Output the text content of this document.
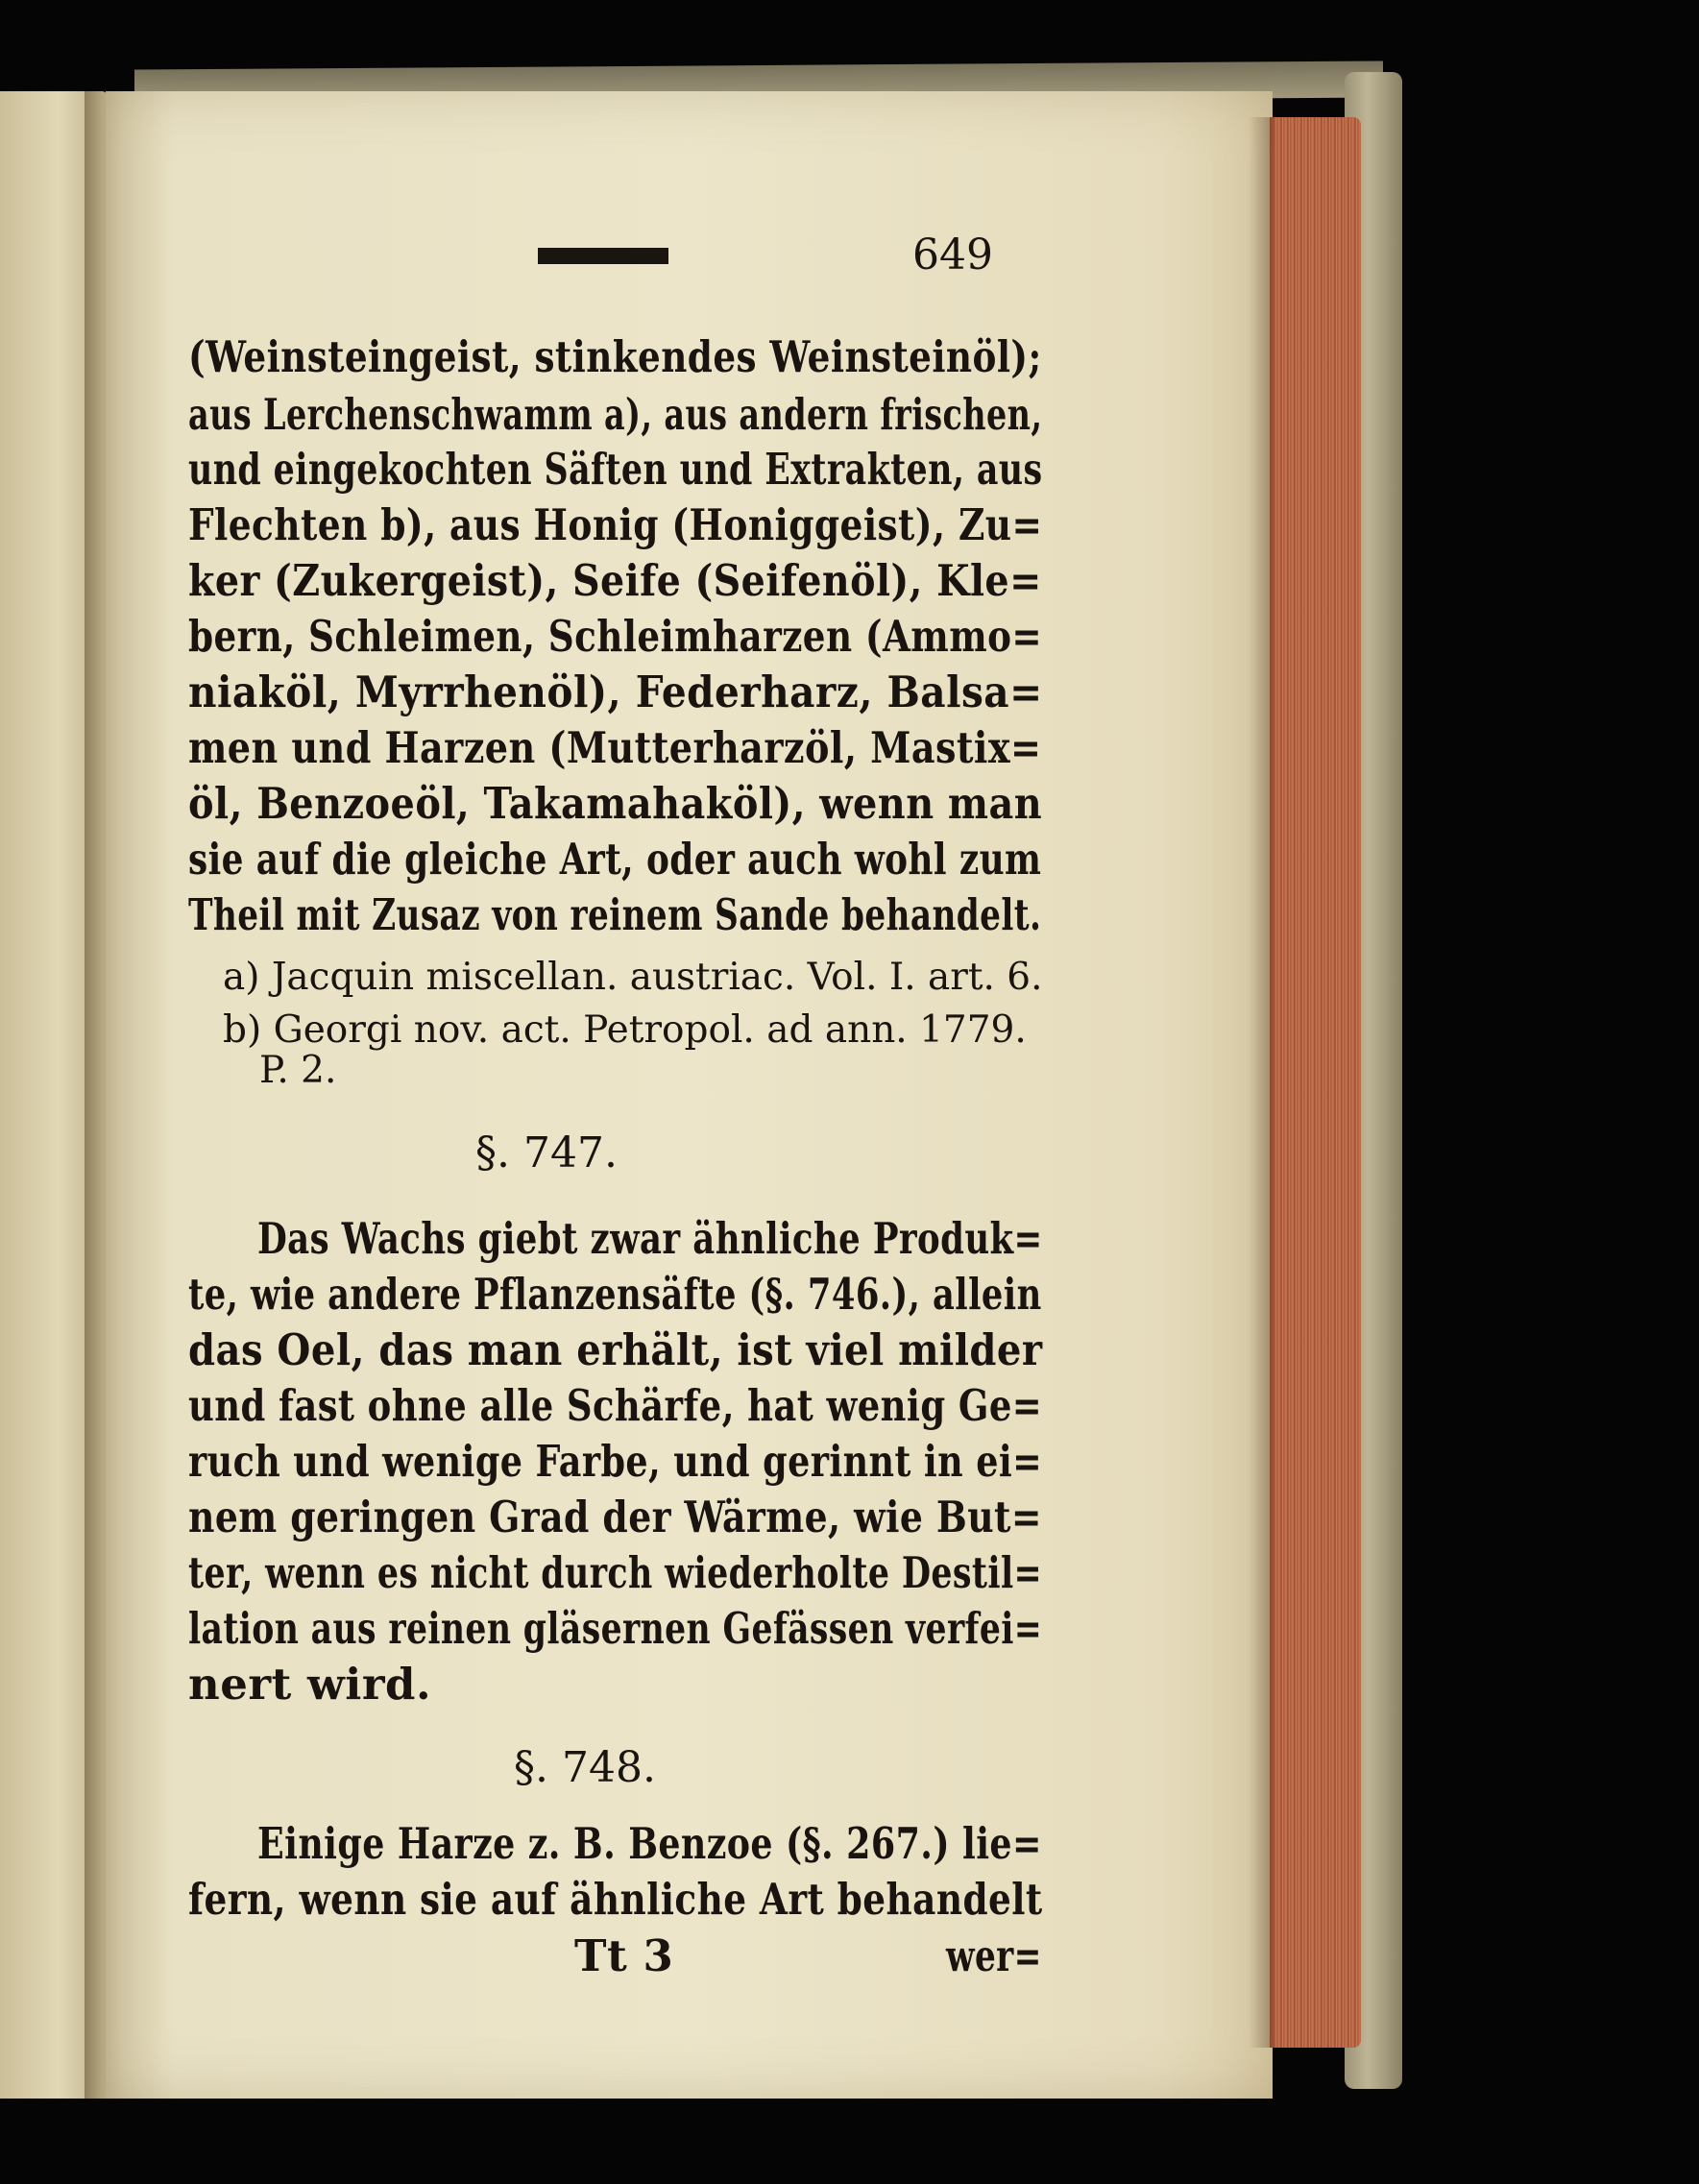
649
(Weinsteingeist, stinkendes Weinsteinöl);
aus Lerchenschwamm a), aus andern frischen,
und eingekochten Säften und Extrakten, aus
Flechten b), aus Honig (Honiggeist), Zu=
ker (Zukergeist), Seife (Seifenöl), Kle=
bern, Schleimen, Schleimharzen (Ammo=
niaköl, Myrrhenöl), Federharz, Balsa=
men und Harzen (Mutterharzöl, Mastix=
öl, Benzoeöl, Takamahaköl), wenn man
sie auf die gleiche Art, oder auch wohl zum
Theil mit Zusaz von reinem Sande behandelt.
a) Jacquin miscellan. austriac. Vol. I. art. 6.
b) Georgi nov. act. Petropol. ad ann. 1779.
P. 2.
§. 747.
Das Wachs giebt zwar ähnliche Produk=
te, wie andere Pflanzensäfte (§. 746.), allein
das Oel, das man erhält, ist viel milder
und fast ohne alle Schärfe, hat wenig Ge=
ruch und wenige Farbe, und gerinnt in ei=
nem geringen Grad der Wärme, wie But=
ter, wenn es nicht durch wiederholte Destil=
lation aus reinen gläsernen Gefässen verfei=
nert wird.
§. 748.
Einige Harze z. B. Benzoe (§. 267.) lie=
fern, wenn sie auf ähnliche Art behandelt
Tt 3	wer=
